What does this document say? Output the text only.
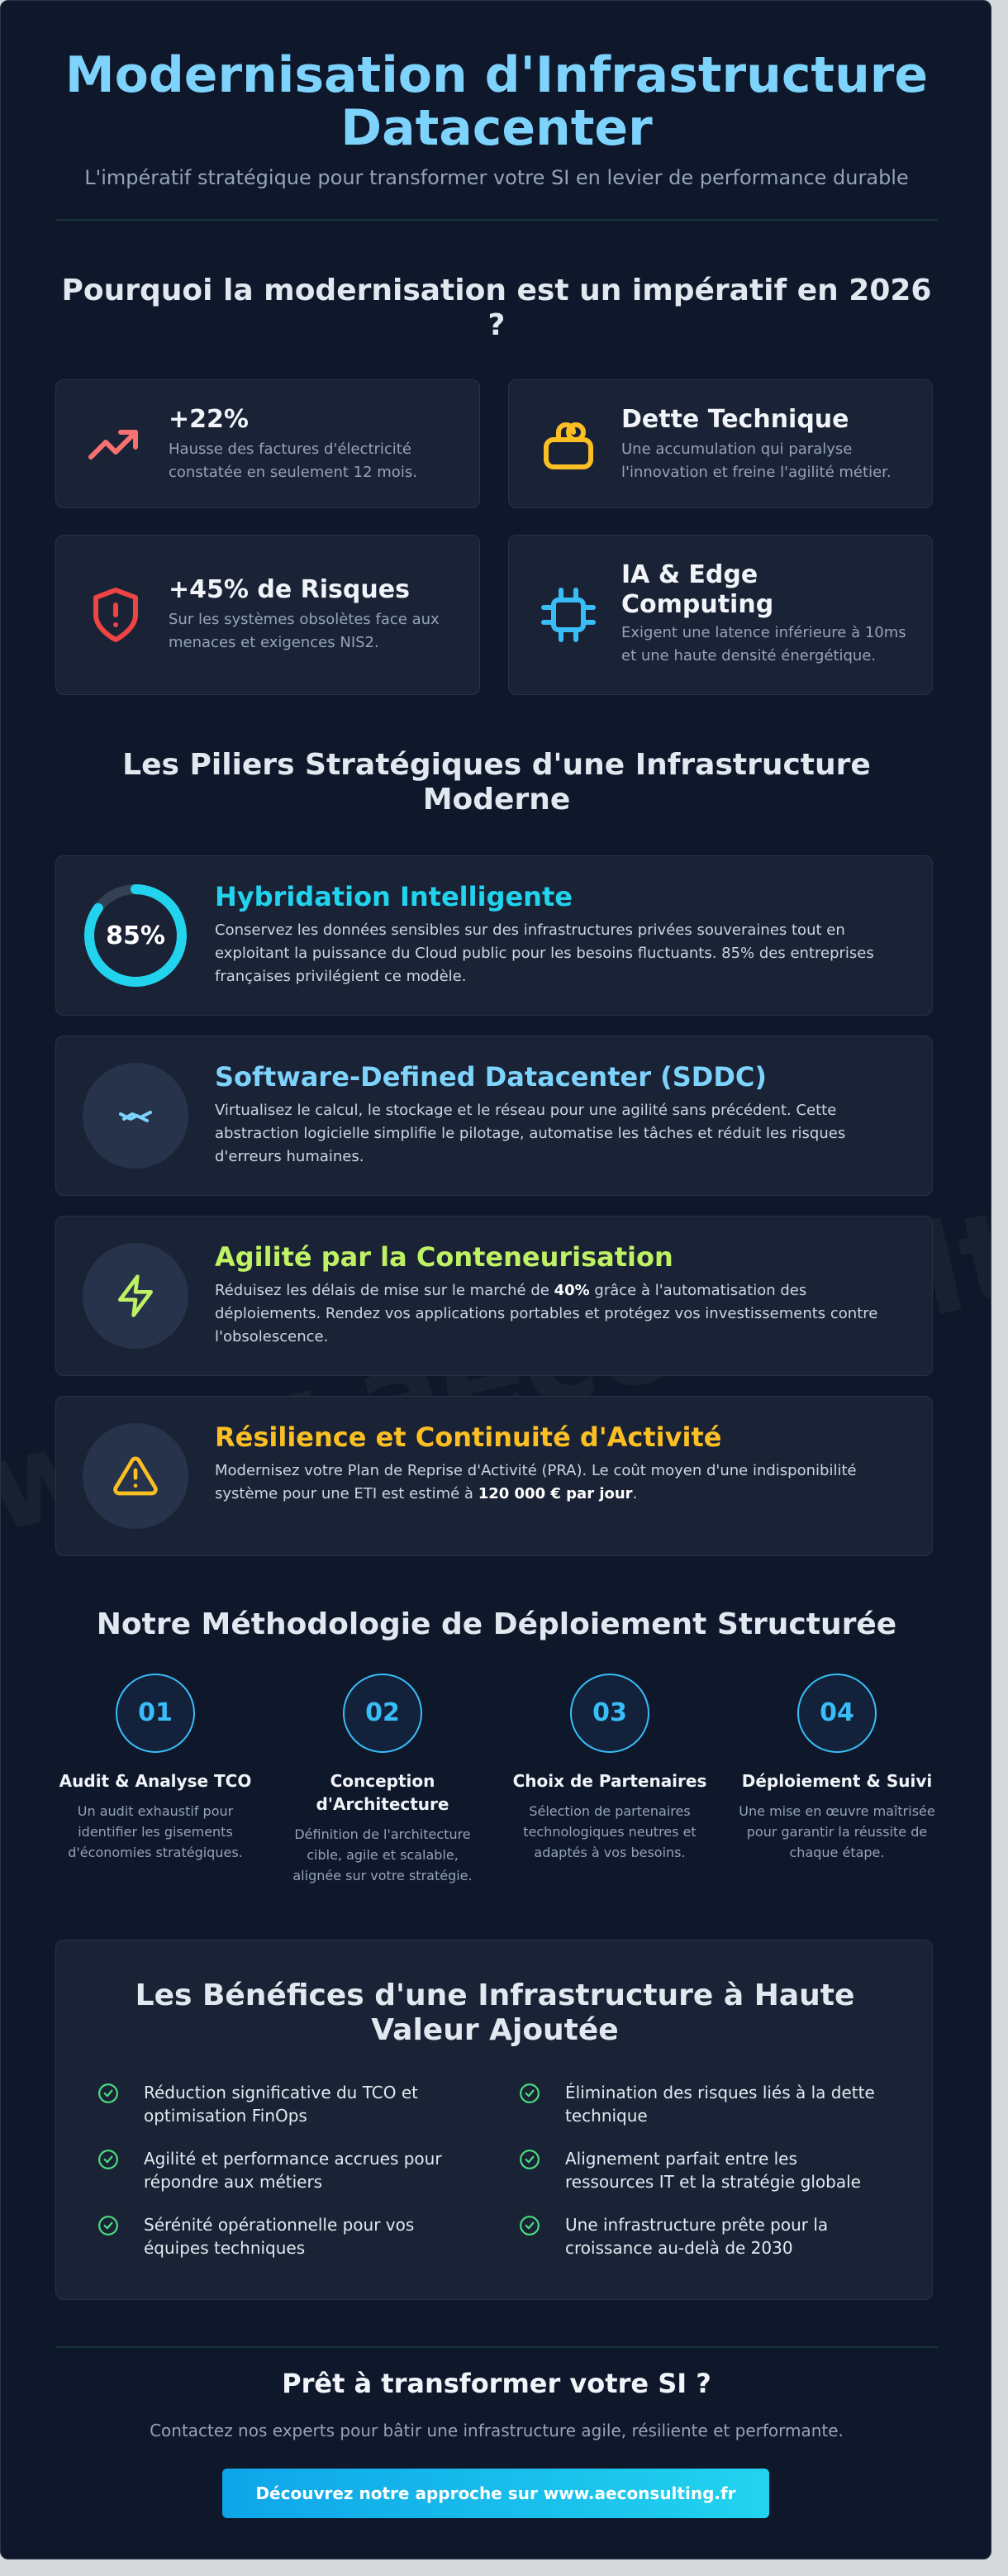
Modernisation d'Infrastructure Datacenter

L'impératif stratégique pour transformer votre SI en levier de performance durable

Pourquoi la modernisation est un impératif en 2026 ?
+22%
Hausse des factures d'électricité constatée en seulement 12 mois.
Dette Technique
Une accumulation qui paralyse l'innovation et freine l'agilité métier.
+45% de Risques
Sur les systèmes obsolètes face aux menaces et exigences NIS2.
IA & Edge Computing
Exigent une latence inférieure à 10ms et une haute densité énergétique.
Les Piliers Stratégiques d'une Infrastructure Moderne
85%
Hybridation Intelligente
Conservez les données sensibles sur des infrastructures privées souveraines tout en exploitant la puissance du Cloud public pour les besoins fluctuants. 85% des entreprises françaises privilégient ce modèle.
Software-Defined Datacenter (SDDC)
Virtualisez le calcul, le stockage et le réseau pour une agilité sans précédent. Cette abstraction logicielle simplifie le pilotage, automatise les tâches et réduit les risques d'erreurs humaines.
Agilité par la Conteneurisation
Réduisez les délais de mise sur le marché de 40% grâce à l'automatisation des déploiements. Rendez vos applications portables et protégez vos investissements contre l'obsolescence.
Résilience et Continuité d'Activité
Modernisez votre Plan de Reprise d'Activité (PRA). Le coût moyen d'une indisponibilité système pour une ETI est estimé à 120 000 € par jour.
Notre Méthodologie de Déploiement Structurée
01
Audit & Analyse TCO
Un audit exhaustif pour identifier les gisements d'économies stratégiques.
02
Conception d'Architecture
Définition de l'architecture cible, agile et scalable, alignée sur votre stratégie.
03
Choix de Partenaires
Sélection de partenaires technologiques neutres et adaptés à vos besoins.
04
Déploiement & Suivi
Une mise en œuvre maîtrisée pour garantir la réussite de chaque étape.
Les Bénéfices d'une Infrastructure à Haute Valeur Ajoutée
Réduction significative du TCO et optimisation FinOps
Élimination des risques liés à la dette technique
Agilité et performance accrues pour répondre aux métiers
Alignement parfait entre les ressources IT et la stratégie globale
Sérénité opérationnelle pour vos équipes techniques
Une infrastructure prête pour la croissance au-delà de 2030
Prêt à transformer votre SI ?
Contactez nos experts pour bâtir une infrastructure agile, résiliente et performante.
Découvrez notre approche sur www.aeconsulting.fr
